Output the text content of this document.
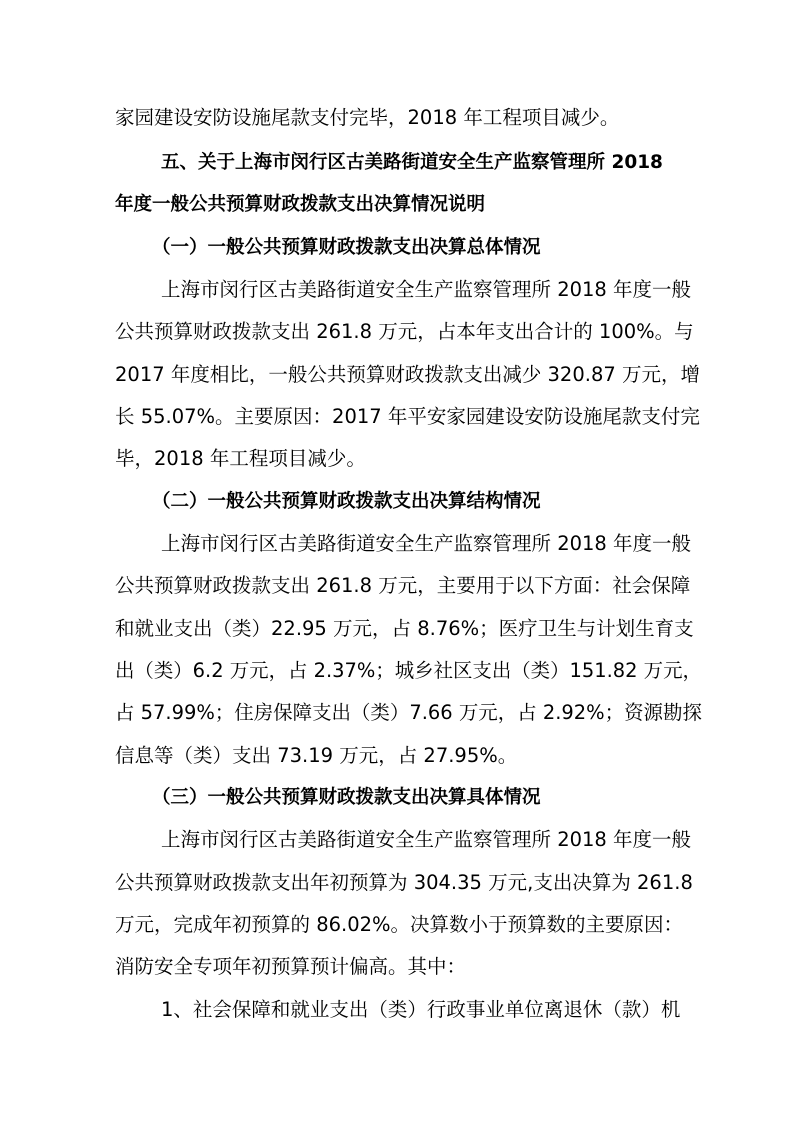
家园建设安防设施尾款支付完毕，2018 年工程项目减少。
五、关于上海市闵行区古美路街道安全生产监察管理所 2018
年度一般公共预算财政拨款支出决算情况说明
（一）一般公共预算财政拨款支出决算总体情况
上海市闵行区古美路街道安全生产监察管理所 2018 年度一般
公共预算财政拨款支出 261.8 万元，占本年支出合计的 100%。与
2017 年度相比，一般公共预算财政拨款支出减少 320.87 万元，增
长 55.07%。主要原因：2017 年平安家园建设安防设施尾款支付完
毕，2018 年工程项目减少。
（二）一般公共预算财政拨款支出决算结构情况
上海市闵行区古美路街道安全生产监察管理所 2018 年度一般
公共预算财政拨款支出 261.8 万元，主要用于以下方面：社会保障
和就业支出（类）22.95 万元，占 8.76%；医疗卫生与计划生育支
出（类）6.2 万元，占 2.37%；城乡社区支出（类）151.82 万元，
占 57.99%；住房保障支出（类）7.66 万元，占 2.92%；资源勘探
信息等（类）支出 73.19 万元，占 27.95%。
（三）一般公共预算财政拨款支出决算具体情况
上海市闵行区古美路街道安全生产监察管理所 2018 年度一般
公共预算财政拨款支出年初预算为 304.35 万元,支出决算为 261.8
万元，完成年初预算的 86.02%。决算数小于预算数的主要原因：
消防安全专项年初预算预计偏高。其中：
1、社会保障和就业支出（类）行政事业单位离退休（款）机
